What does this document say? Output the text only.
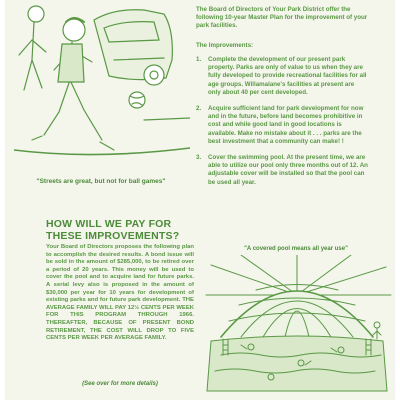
"Streets are great, but not for ball games"
The Board of Directors of Your Park District offer the following 10-year Master Plan for the improvement of your park facilities.
The Improvements:
1.	Complete the development of our present park property. Parks are only of value to us when they are fully developed to provide recreational facilities for all age groups. Willamalane's facilities at present are only about 40 per cent developed.
2.	Acquire sufficient land for park development for now and in the future, before land becomes prohibitive in cost and while good land in good locations is available. Make no mistake about it . . . parks are the best investment that a community can make! !
3.	Cover the swimming pool. At the present time, we are able to utilize our pool only three months out of 12. An adjustable cover will be installed so that the pool can be used all year.
HOW WILL WE PAY FOR THESE IMPROVEMENTS?
Your Board of Directors proposes the following plan to accomplish the desired results. A bond issue will be sold in the amount of $285,000, to be retired over a period of 20 years. This money will be used to cover the pool and to acquire land for future parks. A serial levy also is proposed in the amount of $30,000 per year for 10 years for development of existing parks and for future park development. THE AVERAGE FAMILY WILL PAY 12½ CENTS PER WEEK FOR THIS PROGRAM THROUGH 1966. THEREAFTER, BECAUSE OF PRESENT BOND RETIREMENT, THE COST WILL DROP TO FIVE CENTS PER WEEK PER AVERAGE FAMILY.
(See over for more details)
"A covered pool means all year use"
